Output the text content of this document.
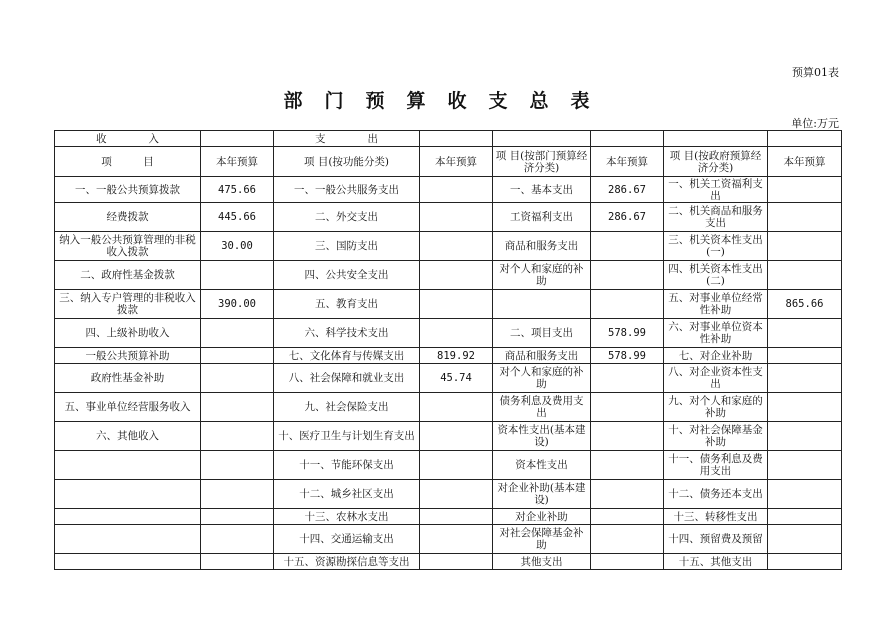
预算01表
部门预算收支总表
单位:万元
收　　　　入		支　　　　出					
项　　　目	本年预算	项 目(按功能分类)	本年预算	项 目(按部门预算经济分类)	本年预算	项 目(按政府预算经济分类)	本年预算
一、一般公共预算拨款	475.66	一、一般公共服务支出		一、基本支出	286.67	一、机关工资福利支出	
经费拨款	445.66	二、外交支出		工资福利支出	286.67	二、机关商品和服务支出	
纳入一般公共预算管理的非税收入拨款	30.00	三、国防支出		商品和服务支出		三、机关资本性支出(一)	
二、政府性基金拨款		四、公共安全支出		对个人和家庭的补助		四、机关资本性支出(二)	
三、纳入专户管理的非税收入拨款	390.00	五、教育支出				五、对事业单位经常性补助	865.66
四、上级补助收入		六、科学技术支出		二、项目支出	578.99	六、对事业单位资本性补助	
一般公共预算补助		七、文化体育与传媒支出	819.92	商品和服务支出	578.99	七、对企业补助	
政府性基金补助		八、社会保障和就业支出	45.74	对个人和家庭的补助		八、对企业资本性支出	
五、事业单位经营服务收入		九、社会保险支出		债务利息及费用支出		九、对个人和家庭的补助	
六、其他收入		十、医疗卫生与计划生育支出		资本性支出(基本建设)		十、对社会保障基金补助	
		十一、节能环保支出		资本性支出		十一、债务利息及费用支出	
		十二、城乡社区支出		对企业补助(基本建设)		十二、债务还本支出	
		十三、农林水支出		对企业补助		十三、转移性支出	
		十四、交通运输支出		对社会保障基金补助		十四、预留费及预留	
		十五、资源勘探信息等支出		其他支出		十五、其他支出	
